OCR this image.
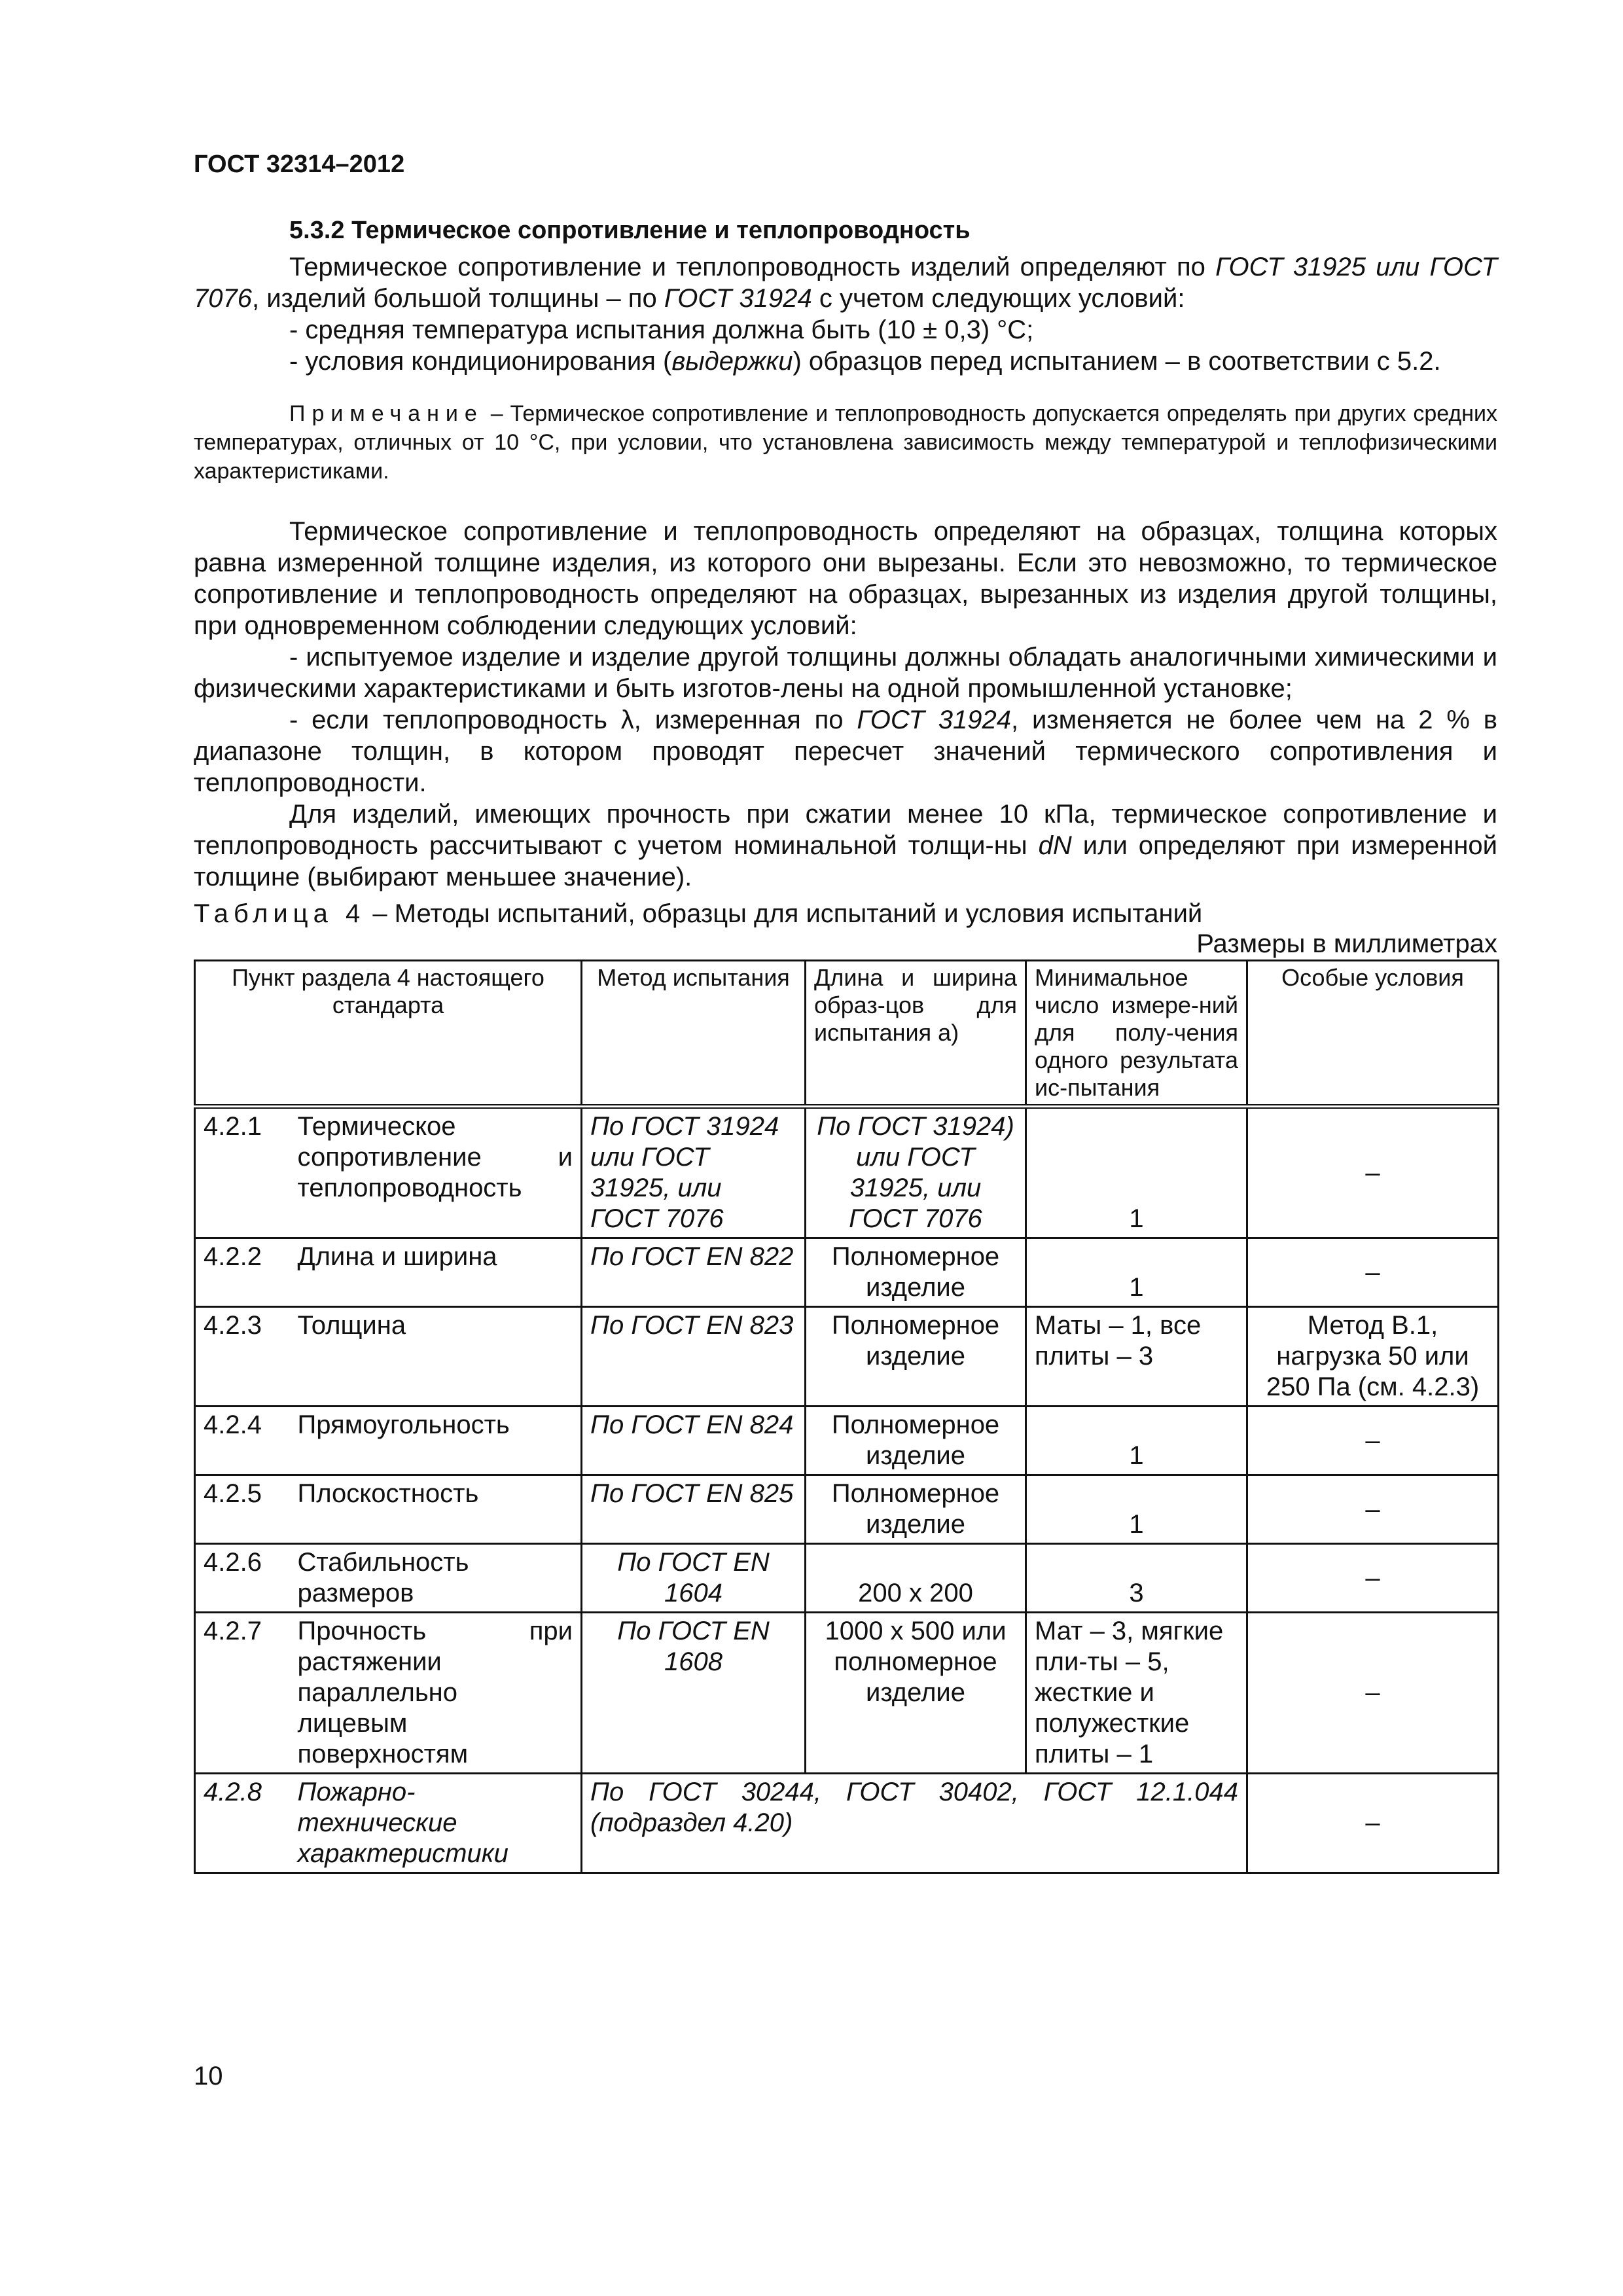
ГОСТ 32314–2012
5.3.2 Термическое сопротивление и теплопроводность

Термическое сопротивление и теплопроводность изделий определяют по ГОСТ 31925 или ГОСТ 7076, изделий большой толщины – по ГОСТ 31924 с учетом следующих условий:

- средняя температура испытания должна быть (10 ± 0,3) °С;

- условия кондиционирования (выдержки) образцов перед испытанием – в соответствии с 5.2.

Примечание – Термическое сопротивление и теплопроводность допускается определять при других средних температурах, отличных от 10 °С, при условии, что установлена зависимость между температурой и теплофизическими характеристиками.

Термическое сопротивление и теплопроводность определяют на образцах, толщина которых равна измеренной толщине изделия, из которого они вырезаны. Если это невозможно, то термическое сопротивление и теплопроводность определяют на образцах, вырезанных из изделия другой толщины, при одновременном соблюдении следующих условий:

- испытуемое изделие и изделие другой толщины должны обладать аналогичными химическими и физическими характеристиками и быть изготов-лены на одной промышленной установке;

- если теплопроводность λ, измеренная по ГОСТ 31924, изменяется не более чем на 2 % в диапазоне толщин, в котором проводят пересчет значений термического сопротивления и теплопроводности.

Для изделий, имеющих прочность при сжатии менее 10 кПа, термическое сопротивление и теплопроводность рассчитывают с учетом номинальной толщи-ны dN или определяют при измеренной толщине (выбирают меньшее значение).

Таблица 4 – Методы испытаний, образцы для испытаний и условия испытаний
Размеры в миллиметрах
Пункт раздела 4 настоящего стандарта		Метод испытания	Длина и ширина образ-цов для испытания а)	Минимальное число измере-ний для полу-чения одного результата ис-пытания	Особые условия
4.2.1	Термическое сопротивление и теплопроводность	По ГОСТ 31924 или ГОСТ 31925, или ГОСТ 7076	По ГОСТ 31924) или ГОСТ 31925, или ГОСТ 7076	1	–
4.2.2	Длина и ширина	По ГОСТ EN 822	Полномерное изделие	1	–
4.2.3	Толщина	По ГОСТ EN 823	Полномерное изделие	Маты – 1, все плиты – 3	Метод В.1, нагрузка 50 или 250 Па (см. 4.2.3)
4.2.4	Прямоугольность	По ГОСТ EN 824	Полномерное изделие	1	–
4.2.5	Плоскостность	По ГОСТ EN 825	Полномерное изделие	1	–
4.2.6	Стабильность размеров	По ГОСТ EN 1604	200 х 200	3	–
4.2.7	Прочность при растяжении параллельно лицевым поверхностям	По ГОСТ EN 1608	1000 х 500 или полномерное изделие	Мат – 3, мягкие пли-ты – 5, жесткие и полужесткие плиты – 1	–
4.2.8	Пожарно-технические характеристики	По ГОСТ 30244, ГОСТ 30402, ГОСТ 12.1.044 (подраздел 4.20)			–
10
